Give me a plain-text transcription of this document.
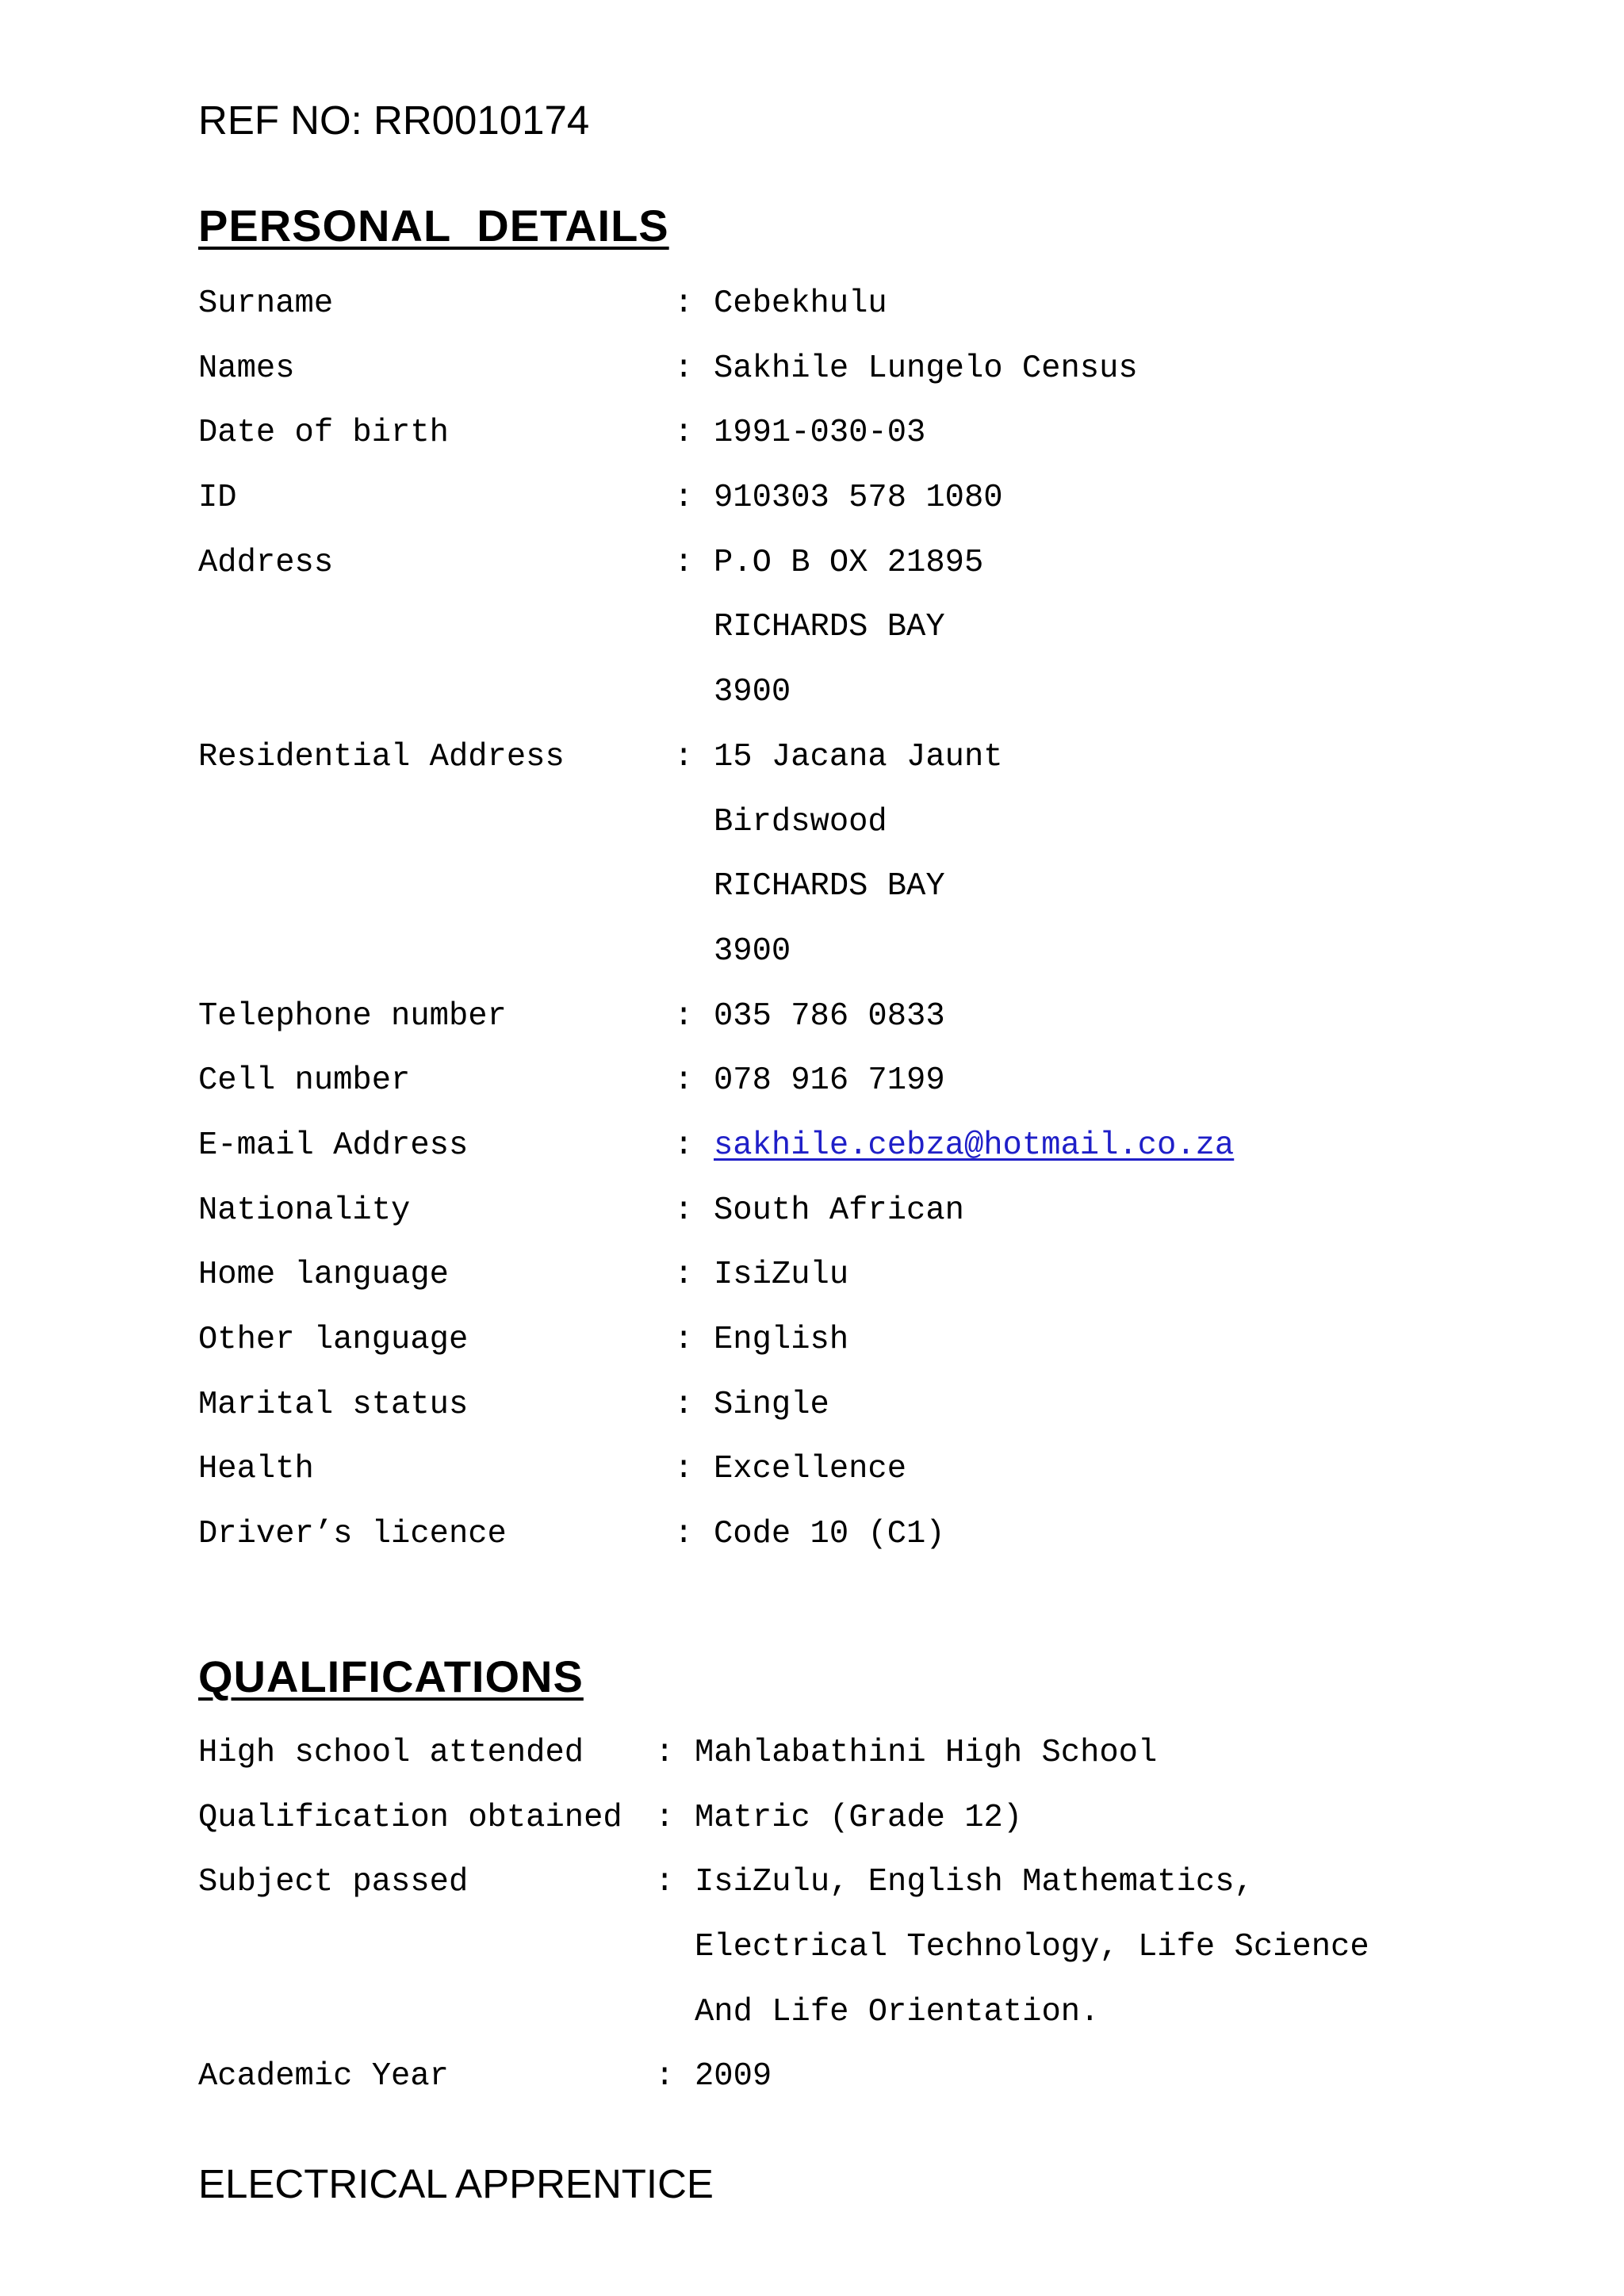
REF NO: RR0010174
PERSONAL  DETAILS
Surname	: Cebekhulu
Names	: Sakhile Lungelo Census
Date of birth	: 1991-030-03
ID	: 910303 578 1080
Address	: P.O B OX 21895
RICHARDS BAY
3900
Residential Address	: 15 Jacana Jaunt
Birdswood
RICHARDS BAY
3900
Telephone number	: 035 786 0833
Cell number	: 078 916 7199
E-mail Address	: sakhile.cebza@hotmail.co.za
Nationality	: South African
Home language	: IsiZulu
Other language	: English
Marital status	: Single
Health	: Excellence
Driver’s licence	: Code 10 (C1)
QUALIFICATIONS
High school attended : Mahlabathini High School
Qualification obtained : Matric (Grade 12)
Subject passed	: IsiZulu, English Mathematics,
Electrical Technology, Life Science
And Life Orientation.
Academic Year	: 2009
ELECTRICAL APPRENTICE
